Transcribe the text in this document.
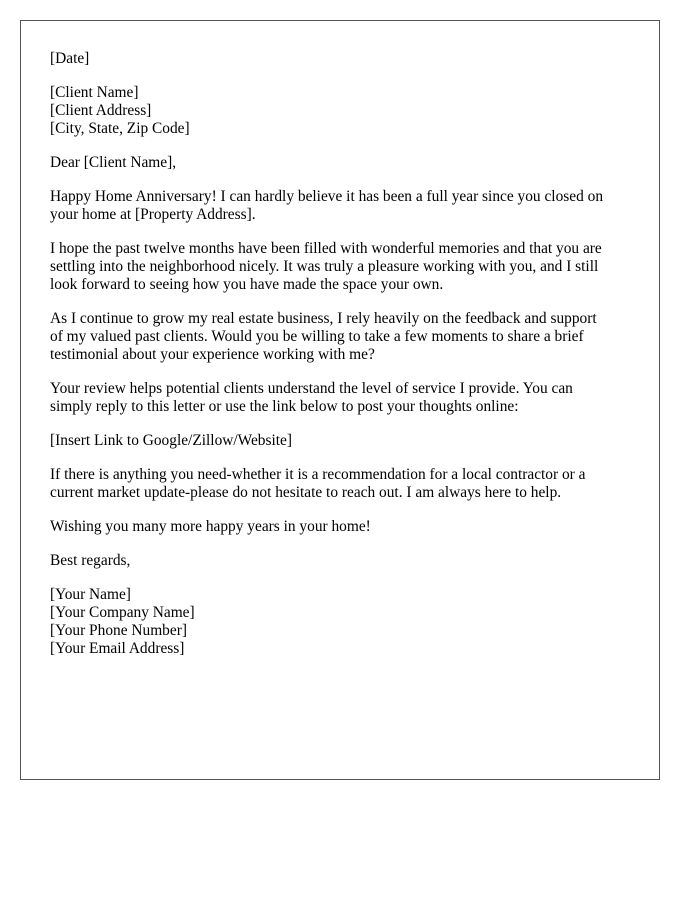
[Date]
[Client Name]
[Client Address]
[City, State, Zip Code]
Dear [Client Name],

Happy Home Anniversary! I can hardly believe it has been a full year since you closed on
your home at [Property Address].

I hope the past twelve months have been filled with wonderful memories and that you are
settling into the neighborhood nicely. It was truly a pleasure working with you, and I still
look forward to seeing how you have made the space your own.

As I continue to grow my real estate business, I rely heavily on the feedback and support
of my valued past clients. Would you be willing to take a few moments to share a brief
testimonial about your experience working with me?

Your review helps potential clients understand the level of service I provide. You can
simply reply to this letter or use the link below to post your thoughts online:

[Insert Link to Google/Zillow/Website]

If there is anything you need-whether it is a recommendation for a local contractor or a
current market update-please do not hesitate to reach out. I am always here to help.

Wishing you many more happy years in your home!

Best regards,
[Your Name]
[Your Company Name]
[Your Phone Number]
[Your Email Address]
